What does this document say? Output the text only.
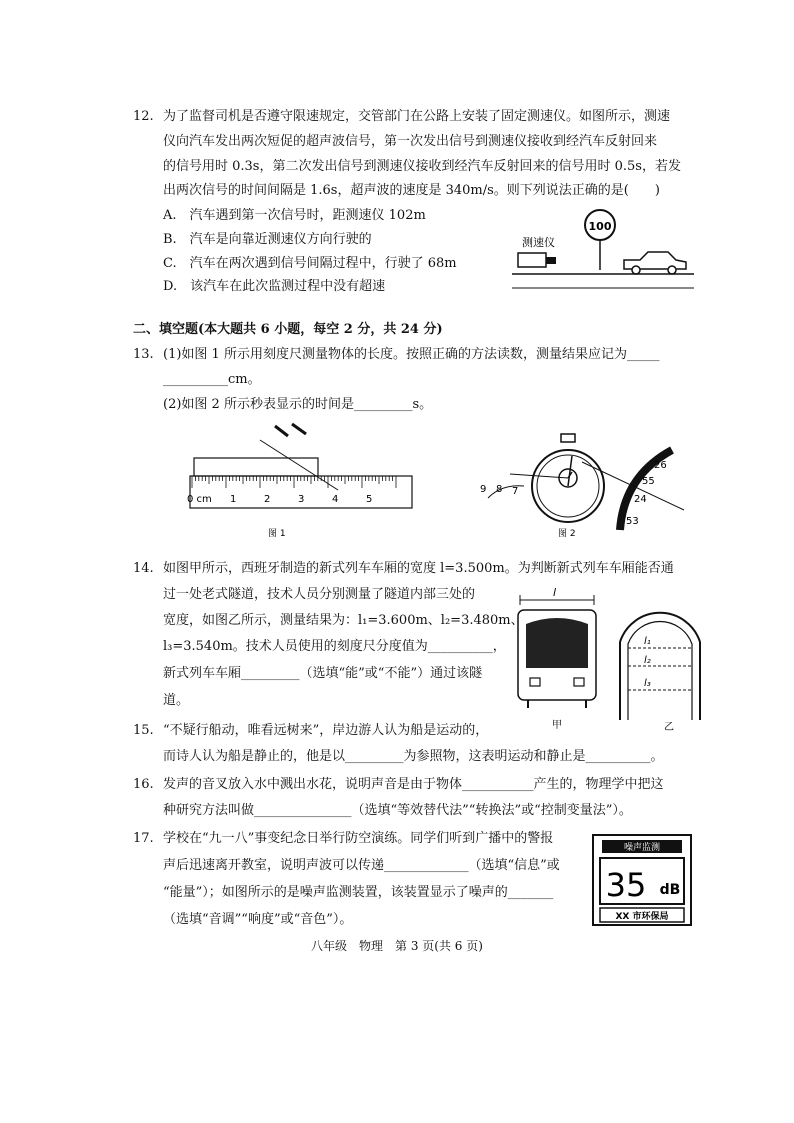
12. 为了监督司机是否遵守限速规定，交管部门在公路上安装了固定测速仪。如图所示，测速
仪向汽车发出两次短促的超声波信号，第一次发出信号到测速仪接收到经汽车反射回来
的信号用时 0.3s，第二次发出信号到测速仪接收到经汽车反射回来的信号用时 0.5s，若发
出两次信号的时间间隔是 1.6s，超声波的速度是 340m/s。则下列说法正确的是(　　)
A.　汽车遇到第一次信号时，距测速仪 102m
B.　汽车是向靠近测速仪方向行驶的
C.　汽车在两次遇到信号间隔过程中，行驶了 68m
D.　该汽车在此次监测过程中没有超速
100
测速仪
二、填空题(本大题共 6 小题，每空 2 分，共 24 分)
13. (1)如图 1 所示用刻度尺测量物体的长度。按照正确的方法读数，测量结果应记为_____
__________cm。
(2)如图 2 所示秒表显示的时间是_________s。
0 cm 1	2	3	4	5
图 1
9 8 7
26
55
24
53
图 2
14. 如图甲所示，西班牙制造的新式列车车厢的宽度 l=3.500m。为判断新式列车车厢能否通
过一处老式隧道，技术人员分别测量了隧道内部三处的
宽度，如图乙所示，测量结果为：l₁=3.600m、l₂=3.480m、
l₃=3.540m。技术人员使用的刻度尺分度值为__________，
新式列车车厢_________（选填“能”或“不能”）通过该隧
道。
l
甲
l₁
l₂
l₃
乙
15. “不疑行船动，唯看远树来”，岸边游人认为船是运动的，
而诗人认为船是静止的，他是以_________为参照物，这表明运动和静止是__________。
16. 发声的音叉放入水中溅出水花，说明声音是由于物体___________产生的，物理学中把这
种研究方法叫做_______________（选填“等效替代法”“转换法”或“控制变量法”）。
17. 学校在“九一八”事变纪念日举行防空演练。同学们听到广播中的警报
声后迅速离开教室，说明声波可以传递_____________（选填“信息”或
“能量”）；如图所示的是噪声监测装置，该装置显示了噪声的_______
（选填“音调”“响度”或“音色”）。
噪声监测
35 dB
XX 市环保局
八年级　物理　第 3 页(共 6 页)
